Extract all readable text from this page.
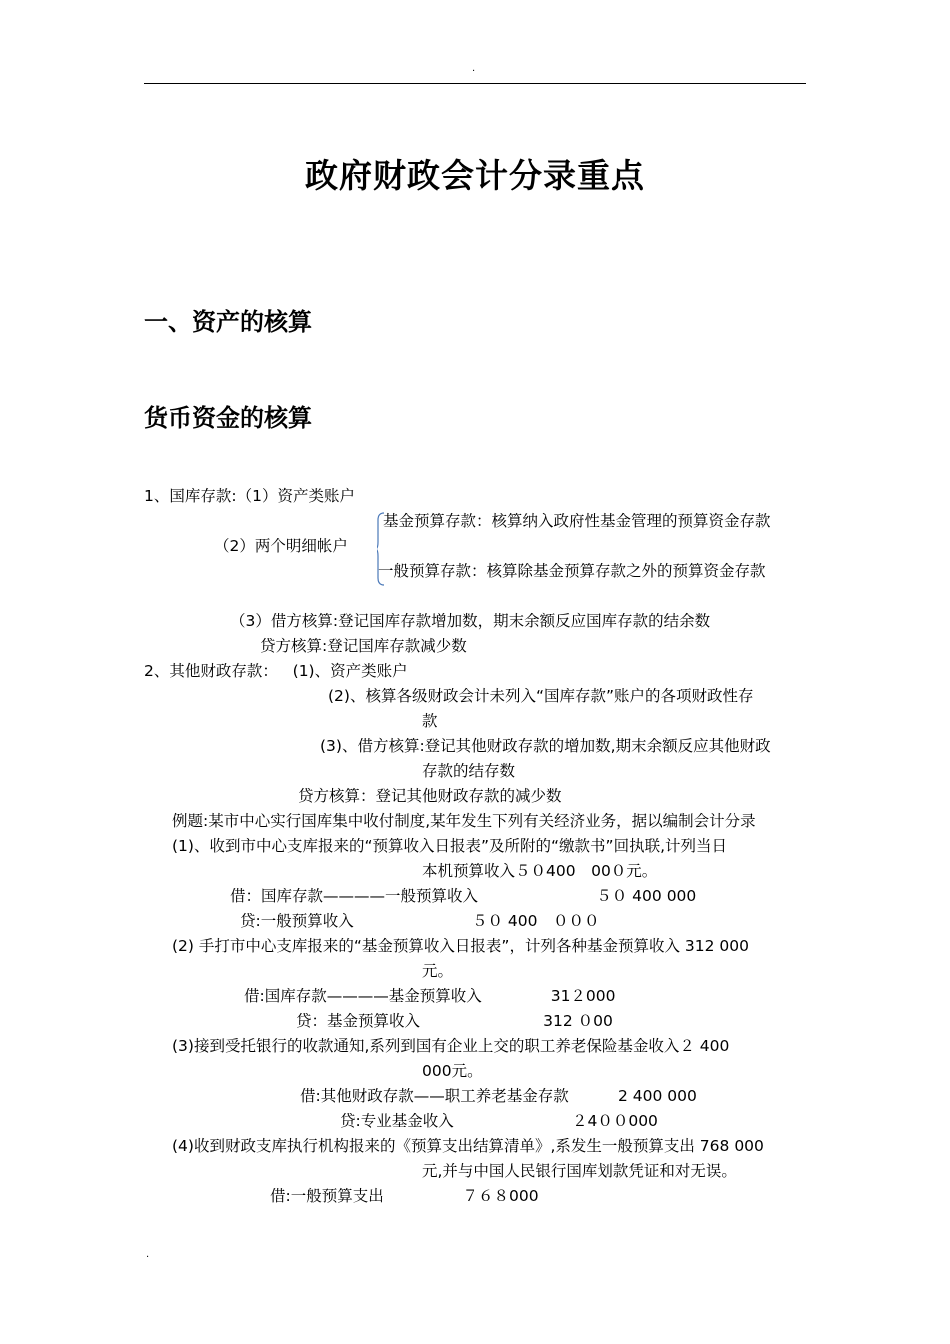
.
政府财政会计分录重点
一、资产的核算
货币资金的核算
1、国库存款:（1）资产类账户
基金预算存款：核算纳入政府性基金管理的预算资金存款
（2）两个明细帐户
一般预算存款：核算除基金预算存款之外的预算资金存款
（3）借方核算:登记国库存款增加数，期末余额反应国库存款的结余数
贷方核算:登记国库存款减少数
2、其他财政存款：   (1)、资产类账户
(2)、核算各级财政会计未列入“国库存款”账户的各项财政性存
款
(3)、借方核算:登记其他财政存款的增加数,期末余额反应其他财政
存款的结存数
贷方核算：登记其他财政存款的减少数
例题:某市中心实行国库集中收付制度,某年发生下列有关经济业务，据以编制会计分录
(1)、收到市中心支库报来的“预算收入日报表”及所附的“缴款书”回执联,计列当日
本机预算收入５０400　00０元。
借：国库存款————一般预算收入                        ５０ 400 000
贷:一般预算收入                        ５０ 400　０００
(2) 手打市中心支库报来的“基金预算收入日报表”，计列各种基金预算收入 312 000
元。
借:国库存款————基金预算收入              31２000
贷：基金预算收入                         312 ０00
(3)接到受托银行的收款通知,系列到国有企业上交的职工养老保险基金收入２ 400
000元。
借:其他财政存款——职工养老基金存款          2 400 000
贷:专业基金收入                        ２4００000
(4)收到财政支库执行机构报来的《预算支出结算清单》,系发生一般预算支出 768 000
元,并与中国人民银行国库划款凭证和对无误。
借:一般预算支出                ７６８000
.
